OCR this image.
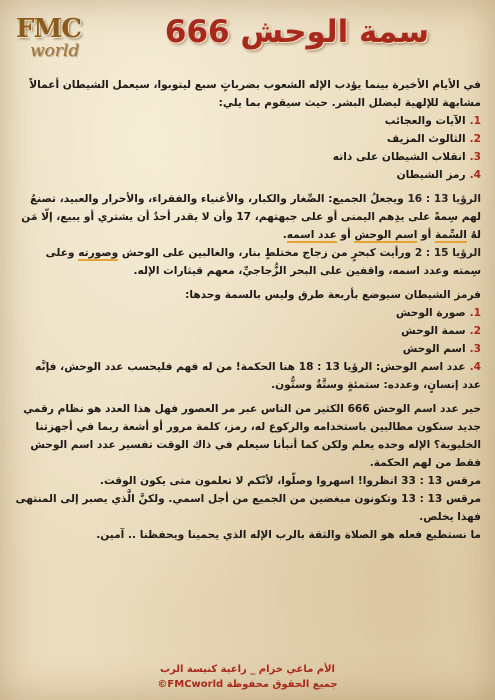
FMC
world
سمة الوحش 666

في الأيام الأخيرة بينما يؤدب الإله الشعوب بضرباتٍ سبع ليتوبوا، سيعمل الشيطان أعمالاً مشابهة للإلهية ليضلل البشر. حيث سيقوم بما يلي:

1.الآيات والعجائب
2.الثالوث المزيف
3.انقلاب الشيطان على ذاته
4.رمز الشيطان

الرؤيا 13 : 16 ويجعلُ الجميع: الصِّغار والكبار، والأغنياء والفقراء، والأحرار والعبيد، تصنعُ لهم سِمةً على يدِهم اليمنى أو على جبهتهم، 17 وأن لا يقدر أحدٌ أن يشتري أو يبيع، إلّا مَن لهُ السِّمة أو اسم الوحش أو عدد اسمه.

الرؤيا 15 : 2 ورأيت كبحرٍ من زجاج مختلطٍ بنار، والغالبين على الوحش وصورته وعلى سِمته وعدد اسمه، واقفين على البحر الزُّجاجيِّ، معهم قيثارات الإله.

فرمز الشيطان سيوضع بأربعة طرق وليس بالسمة وحدها:

1.صورة الوحش
2.سمة الوحش
3.اسم الوحش
4.عدد اسم الوحش: الرؤيا 13 : 18 هنا الحكمة! من له فهم فليحسب عدد الوحش، فإنَّه عدد إنسانٍ، وعدده: ستمئةٍ وستَّةٌ وستُّون.

حير عدد اسم الوحش 666 الكثير من الناس عبر مر العصور فهل هذا العدد هو نظام رقمي جديد سنكون مطالبين باستخدامه والركوع له، رمز، كلمة مرور أو أشعة ربما في أجهزتنا الخليوية؟ الإله وحده يعلم ولكن كما أنبأنا سيعلم في ذاك الوقت تفسير عدد اسم الوحش فقط من لهم الحكمة.

مرقس 13 : 33 انظروا! اسهروا وصلّوا، لأنّكم لا تعلمون متى يكون الوقت.

مرقس 13 : 13 وتكونون مبغضين من الجميع من أجل اسمي. ولكنَّ الَّذي يصبر إلى المنتهى فهذا يخلص.

ما نستطيع فعله هو الصلاة والثقة بالرب الإله الذي يحمينا ويحفظنا .. آمين.

الأم ماغي خزام _ راعية كنيسة الرب
جميع الحقوق محفوظة FMCworld©
